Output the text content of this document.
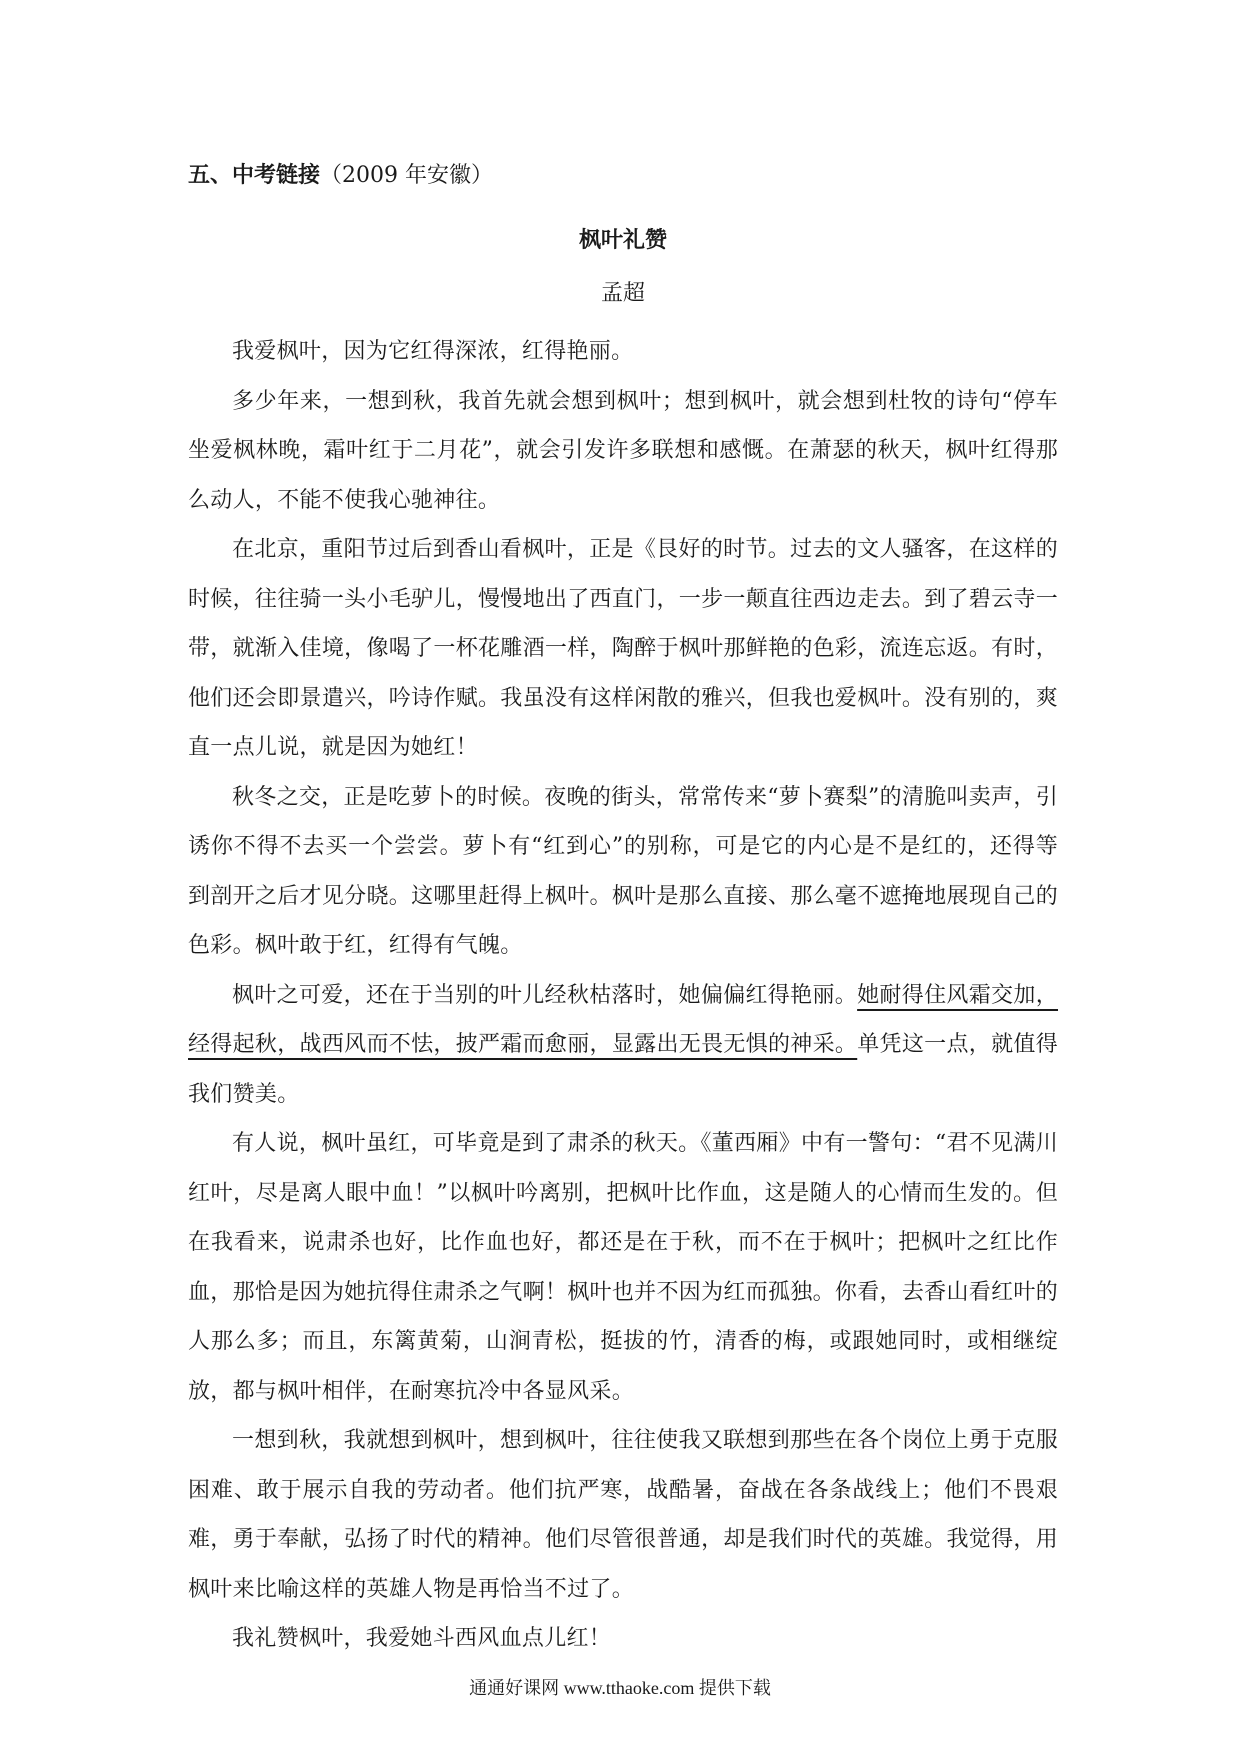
五、中考链接（2009 年安徽）
枫叶礼赞
孟超

我爱枫叶，因为它红得深浓，红得艳丽。

多少年来，一想到秋，我首先就会想到枫叶；想到枫叶，就会想到杜牧的诗句“停车坐爱枫林晚，霜叶红于二月花”，就会引发许多联想和感慨。在萧瑟的秋天，枫叶红得那么动人，不能不使我心驰神往。

在北京，重阳节过后到香山看枫叶，正是《艮好的时节。过去的文人骚客，在这样的时候，往往骑一头小毛驴儿，慢慢地出了西直门，一步一颠直往西边走去。到了碧云寺一带，就渐入佳境，像喝了一杯花雕酒一样，陶醉于枫叶那鲜艳的色彩，流连忘返。有时，他们还会即景遣兴，吟诗作赋。我虽没有这样闲散的雅兴，但我也爱枫叶。没有别的，爽直一点儿说，就是因为她红！

秋冬之交，正是吃萝卜的时候。夜晚的街头，常常传来“萝卜赛梨”的清脆叫卖声，引诱你不得不去买一个尝尝。萝卜有“红到心”的别称，可是它的内心是不是红的，还得等到剖开之后才见分晓。这哪里赶得上枫叶。枫叶是那么直接、那么毫不遮掩地展现自己的色彩。枫叶敢于红，红得有气魄。

枫叶之可爱，还在于当别的叶儿经秋枯落时，她偏偏红得艳丽。她耐得住风霜交加，经得起秋，战西风而不怯，披严霜而愈丽，显露出无畏无惧的神采。单凭这一点，就值得我们赞美。

有人说，枫叶虽红，可毕竟是到了肃杀的秋天。《董西厢》中有一警句：“君不见满川红叶，尽是离人眼中血！”以枫叶吟离别，把枫叶比作血，这是随人的心情而生发的。但在我看来，说肃杀也好，比作血也好，都还是在于秋，而不在于枫叶；把枫叶之红比作血，那恰是因为她抗得住肃杀之气啊！枫叶也并不因为红而孤独。你看，去香山看红叶的人那么多；而且，东篱黄菊，山涧青松，挺拔的竹，清香的梅，或跟她同时，或相继绽放，都与枫叶相伴，在耐寒抗冷中各显风采。

一想到秋，我就想到枫叶，想到枫叶，往往使我又联想到那些在各个岗位上勇于克服困难、敢于展示自我的劳动者。他们抗严寒，战酷暑，奋战在各条战线上；他们不畏艰难，勇于奉献，弘扬了时代的精神。他们尽管很普通，却是我们时代的英雄。我觉得，用枫叶来比喻这样的英雄人物是再恰当不过了。

我礼赞枫叶，我爱她斗西风血点儿红！

通通好课网 www.tthaoke.com 提供下载
